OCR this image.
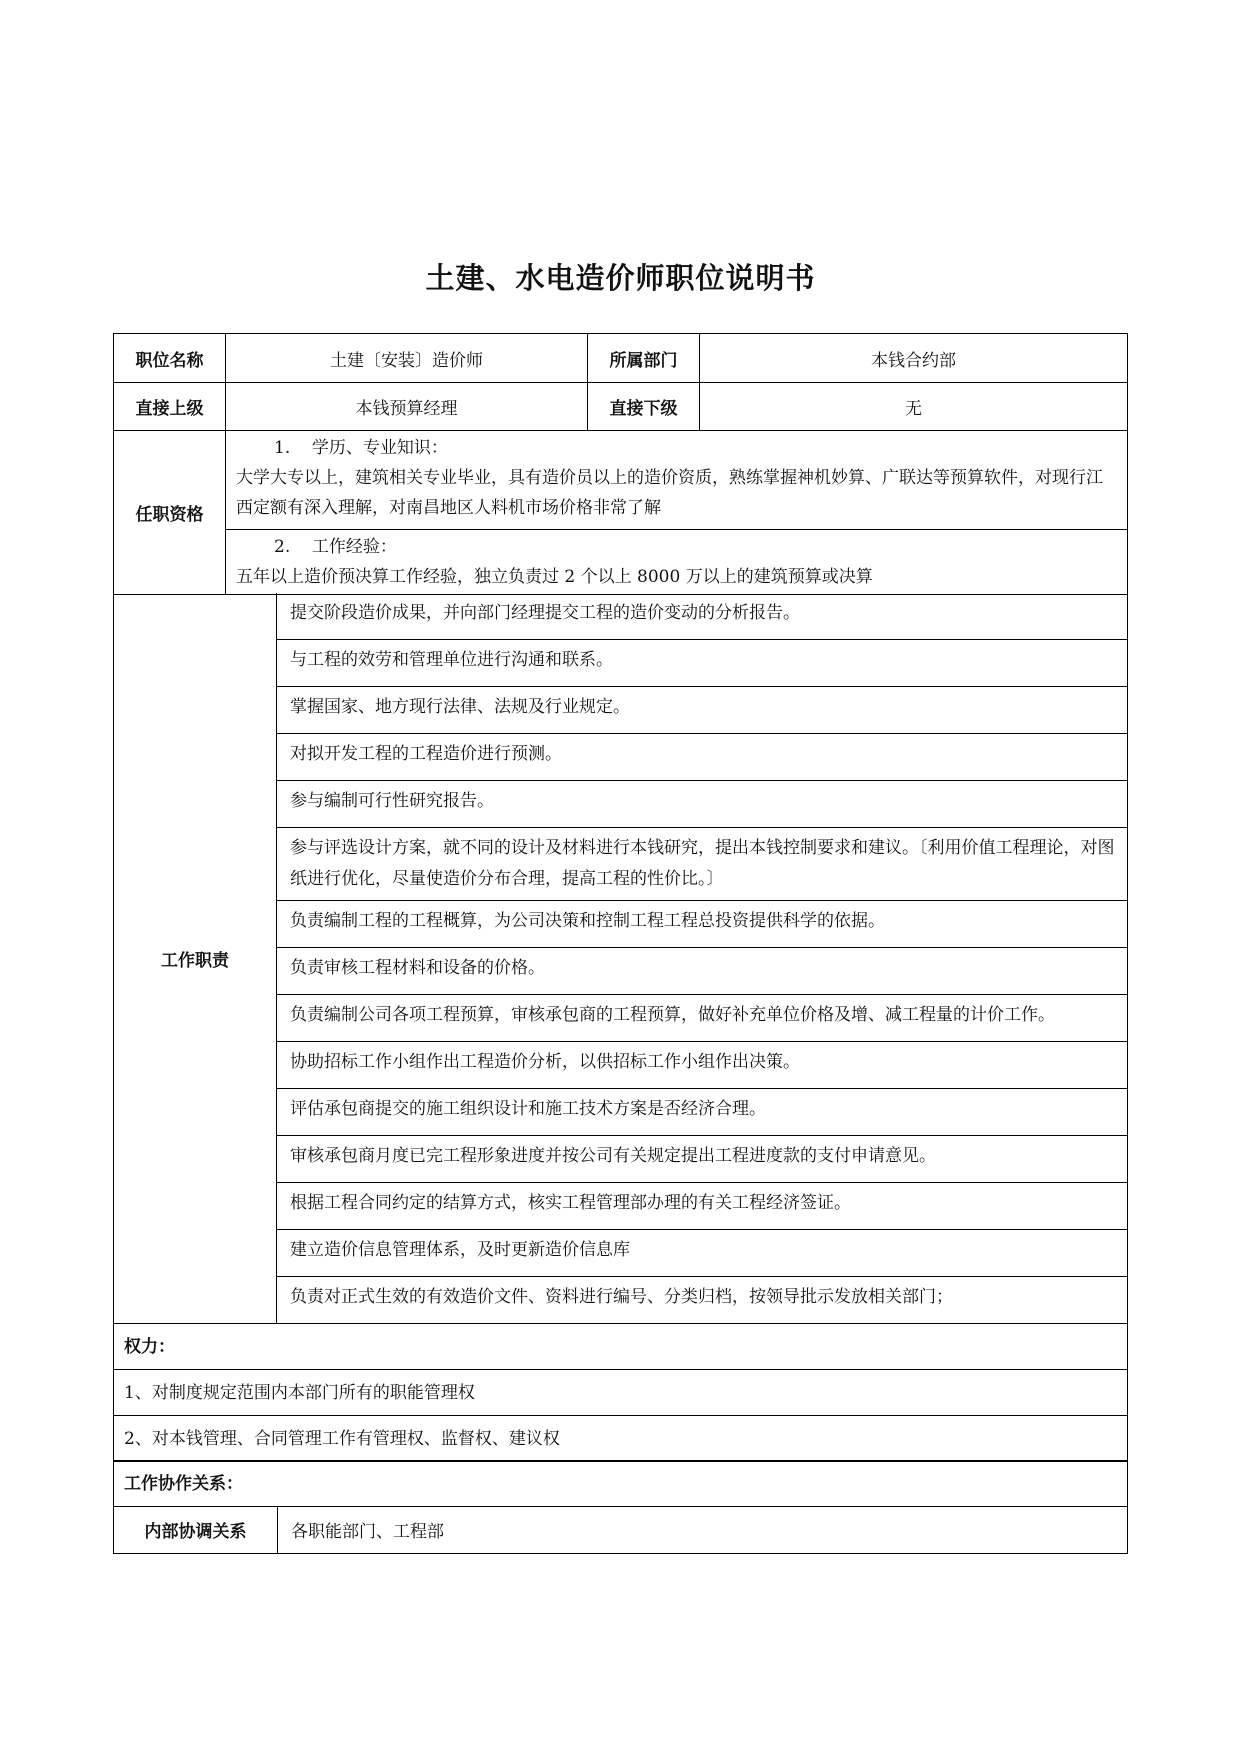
土建、水电造价师职位说明书
职位名称	土建〔安装〕造价师	所属部门	本钱合约部
直接上级	本钱预算经理	直接下级	无
任职资格	
1. 学历、专业知识：
大学大专以上，建筑相关专业毕业，具有造价员以上的造价资质，熟练掌握神机妙算、广联达等预算软件，对现行江西定额有深入理解，对南昌地区人料机市场价格非常了解

2. 工作经验：
五年以上造价预决算工作经验，独立负责过 2 个以上 8000 万以上的建筑预算或决算
工作职责
提交阶段造价成果，并向部门经理提交工程的造价变动的分析报告。
与工程的效劳和管理单位进行沟通和联系。
掌握国家、地方现行法律、法规及行业规定。
对拟开发工程的工程造价进行预测。
参与编制可行性研究报告。
参与评选设计方案，就不同的设计及材料进行本钱研究，提出本钱控制要求和建议。〔利用价值工程理论，对图纸进行优化，尽量使造价分布合理，提高工程的性价比。〕
负责编制工程的工程概算，为公司决策和控制工程工程总投资提供科学的依据。
负责审核工程材料和设备的价格。
负责编制公司各项工程预算，审核承包商的工程预算，做好补充单位价格及增、减工程量的计价工作。
协助招标工作小组作出工程造价分析，以供招标工作小组作出决策。
评估承包商提交的施工组织设计和施工技术方案是否经济合理。
审核承包商月度已完工程形象进度并按公司有关规定提出工程进度款的支付申请意见。
根据工程合同约定的结算方式，核实工程管理部办理的有关工程经济签证。
建立造价信息管理体系，及时更新造价信息库
负责对正式生效的有效造价文件、资料进行编号、分类归档，按领导批示发放相关部门；
权力：
1、对制度规定范围内本部门所有的职能管理权
2、对本钱管理、合同管理工作有管理权、监督权、建议权
工作协作关系：
内部协调关系	各职能部门、工程部
